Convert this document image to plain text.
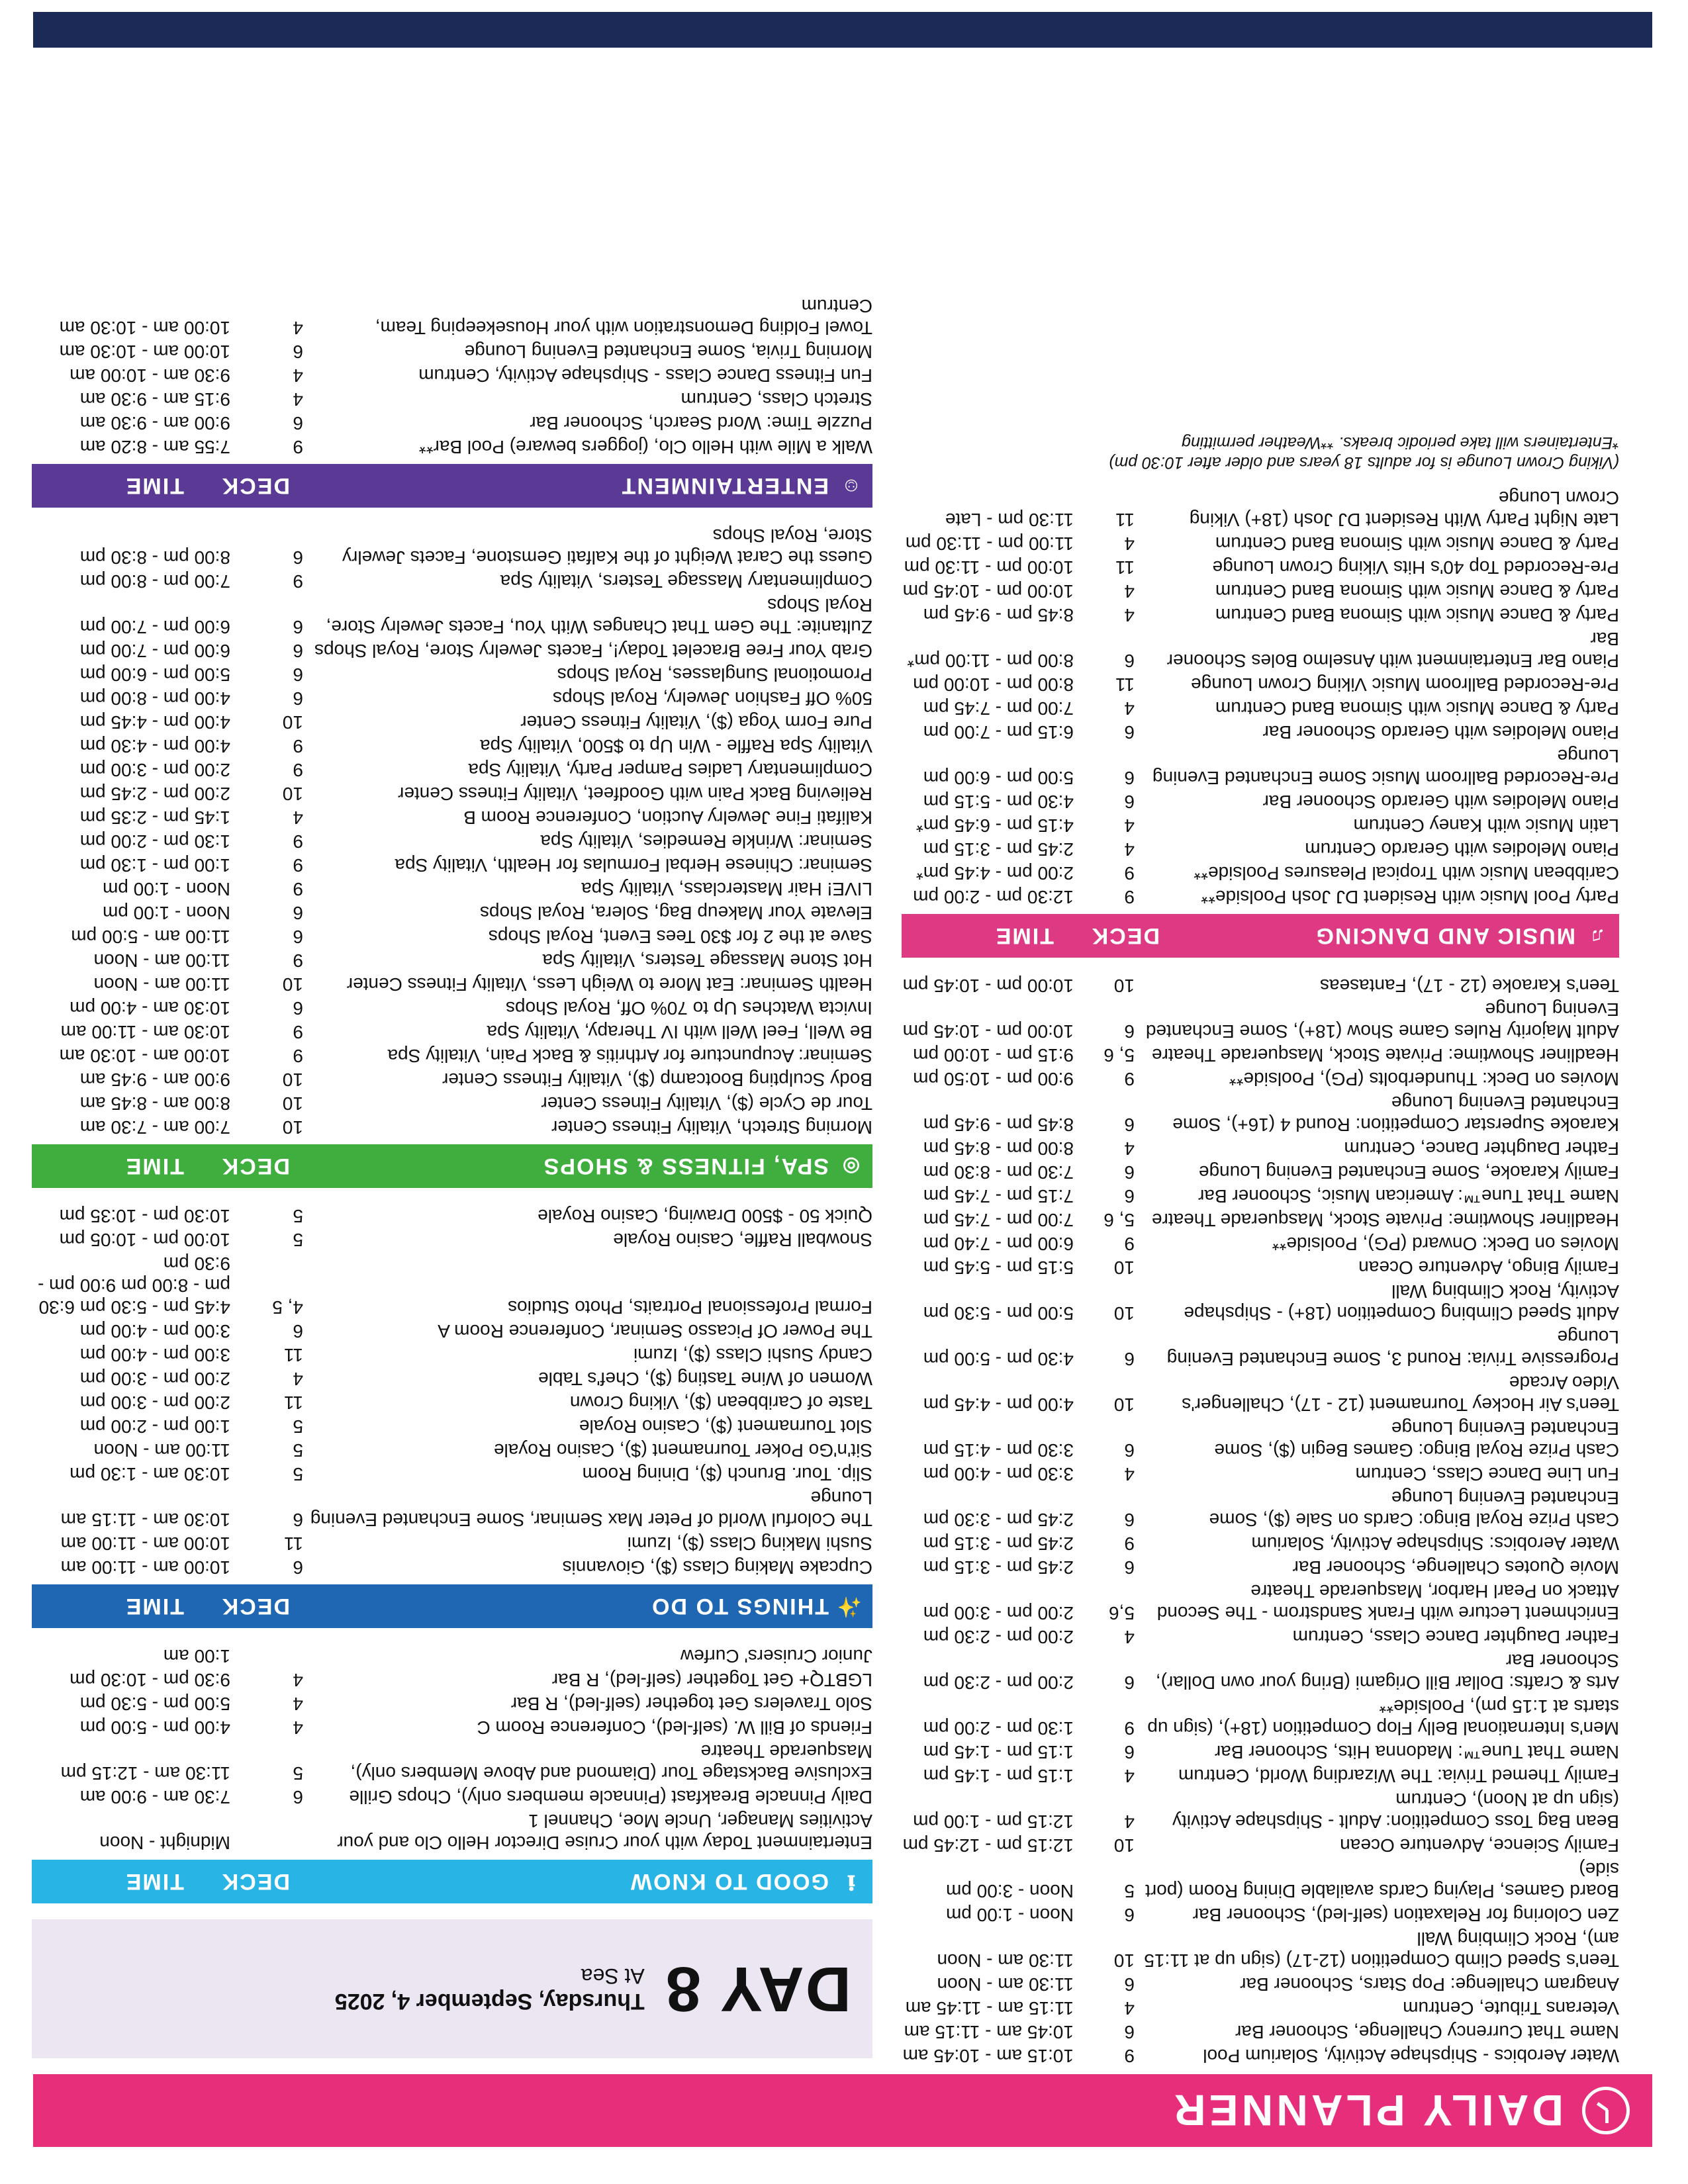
DAILY PLANNER
DAY 8
Thursday, September 4, 2025
At Sea
ℹ
GOOD TO KNOW
DECK
TIME
Entertainment Today with your Cruise Director Hello Clo and your Activities Manager, Uncle Moe, Channel 1
Midnight - Noon
Daily Pinnacle Breakfast (Pinnacle members only), Chops Grille
6
7:30 am - 9:00 am
Exclusive Backstage Tour (Diamond and Above Members only), Masquerade Theatre
5
11:30 am - 12:15 pm
Friends of Bill W. (self-led), Conference Room C
4
4:00 pm - 5:00 pm
Solo Travelers Get together (self-led), R Bar
4
5:00 pm - 5:30 pm
LGBTQ+ Get Together (self-led), R Bar
4
9:30 pm - 10:30 pm
Junior Cruisers' Curfew
1:00 am
✨
THINGS TO DO
DECK
TIME
Cupcake Making Class ($), Giovannis
6
10:00 am - 11:00 am
Sushi Making Class ($), Izumi
11
10:00 am - 11:00 am
The Colorful World of Peter Max Seminar, Some Enchanted Evening Lounge
6
10:30 am - 11:15 am
Slip. Tour. Brunch ($), Dining Room
5
10:30 am - 1:30 pm
Sit'n'Go Poker Tournament ($), Casino Royale
5
11:00 am - Noon
Slot Tournament ($), Casino Royale
5
1:00 pm - 2:00 pm
Taste of Caribbean ($), Viking Crown
11
2:00 pm - 3:00 pm
Women of Wine Tasting ($), Chef's Table
4
2:00 pm - 3:00 pm
Candy Sushi Class ($), Izumi
11
3:00 pm - 4:00 pm
The Power Of Picasso Seminar, Conference Room A
6
3:00 pm - 4:00 pm
Formal Professional Portraits, Photo Studios
4, 5
4:45 pm - 5:30 pm 6:30 pm - 8:00 pm 9:00 pm - 9:30 pm
Snowball Raffle, Casino Royale
5
10:00 pm - 10:05 pm
Quick 50 - $500 Drawing, Casino Royale
5
10:30 pm - 10:35 pm
◎
SPA, FITNESS & SHOPS
DECK
TIME
Morning Stretch, Vitality Fitness Center
10
7:00 am - 7:30 am
Tour de Cycle ($), Vitality Fitness Center
10
8:00 am - 8:45 am
Body Sculpting Bootcamp ($), Vitality Fitness Center
10
9:00 am - 9:45 am
Seminar: Acupuncture for Arthritis & Back Pain, Vitality Spa
9
10:00 am - 10:30 am
Be Well, Feel Well with IV Therapy, Vitality Spa
9
10:30 am - 11:00 am
Invicta Watches Up to 70% Off, Royal Shops
6
10:30 am - 4:00 pm
Health Seminar: Eat More to Weigh Less, Vitality Fitness Center
10
11:00 am - Noon
Hot Stone Massage Testers, Vitality Spa
9
11:00 am - Noon
Save at the 2 for $30 Tees Event, Royal Shops
6
11:00 am - 5:00 pm
Elevate Your Makeup Bag, Solera, Royal Shops
6
Noon - 1:00 pm
LIVE! Hair Masterclass, Vitality Spa
9
Noon - 1:00 pm
Seminar: Chinese Herbal Formulas for Health, Vitality Spa
9
1:00 pm - 1:30 pm
Seminar: Wrinkle Remedies, Vitality Spa
9
1:30 pm - 2:00 pm
Kalifati Fine Jewelry Auction, Conference Room B
4
1:45 pm - 2:35 pm
Relieving Back Pain with Goodfeet, Vitality Fitness Center
10
2:00 pm - 2:45 pm
Complimentary Ladies Pamper Party, Vitality Spa
9
2:00 pm - 3:00 pm
Vitality Spa Raffle - Win Up to $500, Vitality Spa
9
4:00 pm - 4:30 pm
Pure Form Yoga ($), Vitality Fitness Center
10
4:00 pm - 4:45 pm
50% Off Fashion Jewelry, Royal Shops
6
4:00 pm - 8:00 pm
Promotional Sunglasses, Royal Shops
6
5:00 pm - 6:00 pm
Grab Your Free Bracelet Today!, Facets Jewelry Store, Royal Shops
6
6:00 pm - 7:00 pm
Zultanite: The Gem That Changes With You, Facets Jewelry Store, Royal Shops
6
6:00 pm - 7:00 pm
Complimentary Massage Testers, Vitality Spa
9
7:00 pm - 8:00 pm
Guess the Carat Weight of the Kalfati Gemstone, Facets Jewelry Store, Royal Shops
6
8:00 pm - 8:30 pm
☺
ENTERTAINMENT
DECK
TIME
Walk a Mile with Hello Clo, (joggers beware) Pool Bar**
9
7:55 am - 8:20 am
Puzzle Time: Word Search, Schooner Bar
6
9:00 am - 9:30 am
Stretch Class, Centrum
4
9:15 am - 9:30 am
Fun Fitness Dance Class - Shipshape Activity, Centrum
4
9:30 am - 10:00 am
Morning Trivia, Some Enchanted Evening Lounge
6
10:00 am - 10:30 am
Towel Folding Demonstration with your Housekeeping Team, Centrum
4
10:00 am - 10:30 am
Water Aerobics - Shipshape Activity, Solarium Pool
9
10:15 am - 10:45 am
Name That Currency Challenge, Schooner Bar
6
10:45 am - 11:15 am
Veterans Tribute, Centrum
4
11:15 am - 11:45 am
Anagram Challenge: Pop Stars, Schooner Bar
6
11:30 am - Noon
Teen's Speed Climb Competition (12-17) (sign up at 11:15 am), Rock Climbing Wall
10
11:30 am - Noon
Zen Coloring for Relaxation (self-led), Schooner Bar
6
Noon - 1:00 pm
Board Games, Playing Cards available Dining Room (port side)
5
Noon - 3:00 pm
Family Science, Adventure Ocean
10
12:15 pm - 12:45 pm
Bean Bag Toss Competition: Adult - Shipshape Activity (sign up at Noon), Centrum
4
12:15 pm - 1:00 pm
Family Themed Trivia: The Wizarding World, Centrum
4
1:15 pm - 1:45 pm
Name That Tune™: Madonna Hits, Schooner Bar
6
1:15 pm - 1:45 pm
Men's International Belly Flop Competition (18+), (sign up starts at 1:15 pm), Poolside**
9
1:30 pm - 2:00 pm
Arts & Crafts: Dollar Bill Origami (Bring your own Dollar), Schooner Bar
6
2:00 pm - 2:30 pm
Father Daughter Dance Class, Centrum
4
2:00 pm - 2:30 pm
Enrichment Lecture with Frank Sandstrom - The Second Attack on Pearl Harbor, Masquerade Theatre
5,6
2:00 pm - 3:00 pm
Movie Quotes Challenge, Schooner Bar
6
2:45 pm - 3:15 pm
Water Aerobics: Shipshape Activity, Solarium
9
2:45 pm - 3:15 pm
Cash Prize Royal Bingo: Cards on Sale ($), Some Enchanted Evening Lounge
6
2:45 pm - 3:30 pm
Fun Line Dance Class, Centrum
4
3:30 pm - 4:00 pm
Cash Prize Royal Bingo: Games Begin ($), Some Enchanted Evening Lounge
6
3:30 pm - 4:15 pm
Teen's Air Hockey Tournament (12 - 17), Challenger's Video Arcade
10
4:00 pm - 4:45 pm
Progressive Trivia: Round 3, Some Enchanted Evening Lounge
6
4:30 pm - 5:00 pm
Adult Speed Climbing Competition (18+) - Shipshape Activity, Rock Climbing Wall
10
5:00 pm - 5:30 pm
Family Bingo, Adventure Ocean
10
5:15 pm - 5:45 pm
Movies on Deck: Onward (PG), Poolside**
9
6:00 pm - 7:40 pm
Headliner Showtime: Private Stock, Masquerade Theatre
5, 6
7:00 pm - 7:45 pm
Name That Tune™: American Music, Schooner Bar
6
7:15 pm - 7:45 pm
Family Karaoke, Some Enchanted Evening Lounge
6
7:30 pm - 8:30 pm
Father Daughter Dance, Centrum
4
8:00 pm - 8:45 pm
Karaoke Superstar Competition: Round 4 (16+), Some Enchanted Evening Lounge
6
8:45 pm - 9:45 pm
Movies on Deck: Thunderbolts (PG), Poolside**
9
9:00 pm - 10:50 pm
Headliner Showtime: Private Stock, Masquerade Theatre
5, 6
9:15 pm - 10:00 pm
Adult Majority Rules Game Show (18+), Some Enchanted Evening Lounge
6
10:00 pm - 10:45 pm
Teen's Karaoke (12 - 17), Fantaseas
10
10:00 pm - 10:45 pm
♫
MUSIC AND DANCING
DECK
TIME
Party Pool Music with Resident DJ Josh Poolside**
9
12:30 pm - 2:00 pm
Caribbean Music with Tropical Pleasures Poolside**
9
2:00 pm - 4:45 pm*
Piano Melodies with Gerardo Centrum
4
2:45 pm - 3:15 pm
Latin Music with Kaney Centrum
4
4:15 pm - 6:45 pm*
Piano Melodies with Gerardo Schooner Bar
6
4:30 pm - 5:15 pm
Pre-Recorded Ballroom Music Some Enchanted Evening Lounge
6
5:00 pm - 6:00 pm
Piano Melodies with Gerardo Schooner Bar
6
6:15 pm - 7:00 pm
Party & Dance Music with Simona Band Centrum
4
7:00 pm - 7:45 pm
Pre-Recorded Ballroom Music Viking Crown Lounge
11
8:00 pm - 10:00 pm
Piano Bar Entertainment with Anselmo Boles Schooner Bar
6
8:00 pm - 11:00 pm*
Party & Dance Music with Simona Band Centrum
4
8:45 pm - 9:45 pm
Party & Dance Music with Simona Band Centrum
4
10:00 pm - 10:45 pm
Pre-Recorded Top 40's Hits Viking Crown Lounge
11
10:00 pm - 11:30 pm
Party & Dance Music with Simona Band Centrum
4
11:00 pm - 11:30 pm
Late Night Party With Resident DJ Josh (18+) Viking Crown Lounge
11
11:30 pm - Late
(Viking Crown Lounge is for adults 18 years and older after 10:30 pm)
*Entertainers will take periodic breaks. **Weather permitting
